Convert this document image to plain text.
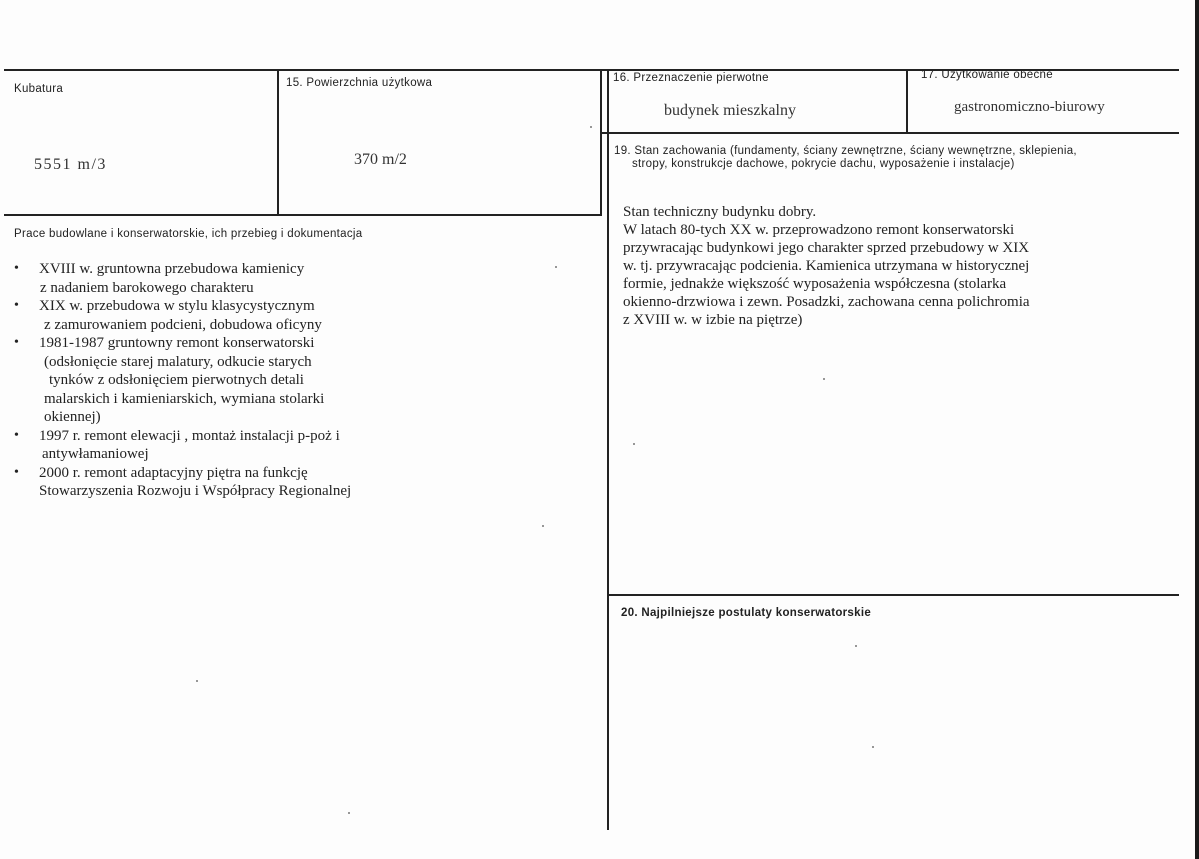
Kubatura
5551 m/3
15. Powierzchnia użytkowa
370 m/2
16. Przeznaczenie pierwotne
budynek mieszkalny
17. Użytkowanie obecne
gastronomiczno-biurowy
Prace budowlane i konserwatorskie, ich przebieg i dokumentacja
• XVIII w. gruntowna przebudowa kamienicy
z nadaniem barokowego charakteru
• XIX w. przebudowa w stylu klasycystycznym
z zamurowaniem podcieni, dobudowa oficyny
• 1981-1987 gruntowny remont konserwatorski
(odsłonięcie starej malatury, odkucie starych
tynków z odsłonięciem pierwotnych detali
malarskich i kamieniarskich, wymiana stolarki
okiennej)
• 1997 r. remont elewacji , montaż instalacji p-poż i
antywłamaniowej
• 2000 r. remont adaptacyjny piętra na funkcję
Stowarzyszenia Rozwoju i Współpracy Regionalnej
19. Stan zachowania (fundamenty, ściany zewnętrzne, ściany wewnętrzne, sklepienia,
stropy, konstrukcje dachowe, pokrycie dachu, wyposażenie i instalacje)
Stan techniczny budynku dobry.
W latach 80-tych XX w. przeprowadzono remont konserwatorski
przywracając budynkowi jego charakter sprzed przebudowy w XIX
w. tj. przywracając podcienia. Kamienica utrzymana w historycznej
formie, jednakże większość wyposażenia współczesna (stolarka
okienno-drzwiowa i zewn. Posadzki, zachowana cenna polichromia
z XVIII w. w izbie na piętrze)
20. Najpilniejsze postulaty konserwatorskie
